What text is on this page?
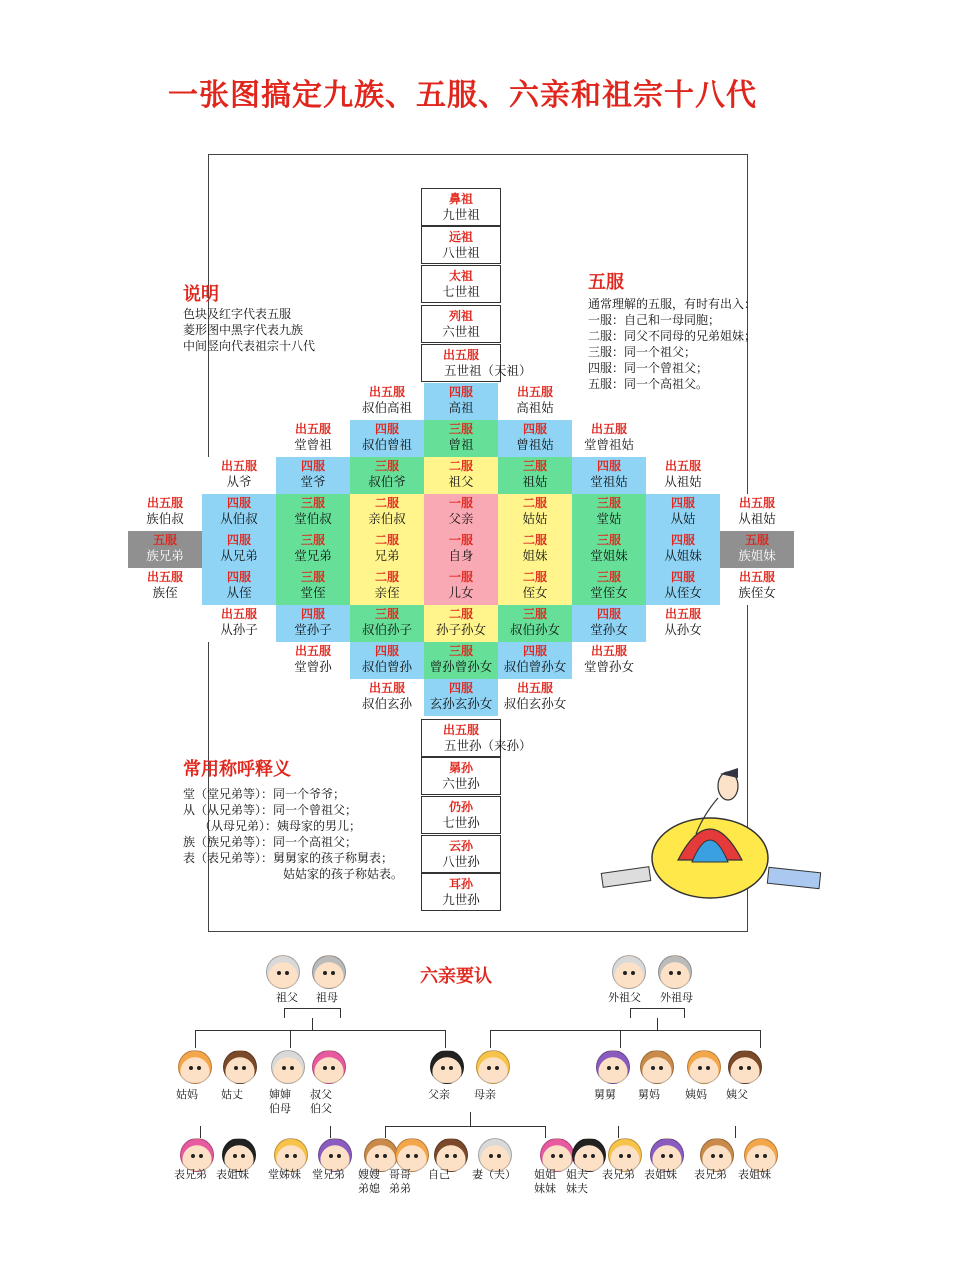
一张图搞定九族、五服、六亲和祖宗十八代
说明
色块及红字代表五服
菱形图中黑字代表九族
中间竖向代表祖宗十八代
五服
通常理解的五服，有时有出入：
一服：自己和一母同胞；
二服：同父不同母的兄弟姐妹；
三服：同一个祖父；
四服：同一个曾祖父；
五服：同一个高祖父。
常用称呼释义
堂（堂兄弟等）：同一个爷爷；
从（从兄弟等）：同一个曾祖父；
（从母兄弟）：姨母家的男儿；
族（族兄弟等）：同一个高祖父；
表（表兄弟等）：舅舅家的孩子称舅表；
姑姑家的孩子称姑表。
鼻祖
九世祖
远祖
八世祖
太祖
七世祖
列祖
六世祖
出五服
五世祖（天祖）
出五服
五世孙（来孙）
晜孙
六世孙
仍孙
七世孙
云孙
八世孙
耳孙
九世孙
出五服
叔伯高祖
四服
高祖
出五服
高祖姑
出五服
堂曾祖
四服
叔伯曾祖
三服
曾祖
四服
曾祖姑
出五服
堂曾祖姑
出五服
从爷
四服
堂爷
三服
叔伯爷
二服
祖父
三服
祖姑
四服
堂祖姑
出五服
从祖姑
出五服
族伯叔
四服
从伯叔
三服
堂伯叔
二服
亲伯叔
一服
父亲
二服
姑姑
三服
堂姑
四服
从姑
出五服
从祖姑
五服
族兄弟
四服
从兄弟
三服
堂兄弟
二服
兄弟
一服
自身
二服
姐妹
三服
堂姐妹
四服
从姐妹
五服
族姐妹
出五服
族侄
四服
从侄
三服
堂侄
二服
亲侄
一服
儿女
二服
侄女
三服
堂侄女
四服
从侄女
出五服
族侄女
出五服
从孙子
四服
堂孙子
三服
叔伯孙子
二服
孙子孙女
三服
叔伯孙女
四服
堂孙女
出五服
从孙女
出五服
堂曾孙
四服
叔伯曾孙
三服
曾孙曾孙女
四服
叔伯曾孙女
出五服
堂曾孙女
出五服
叔伯玄孙
四服
玄孙玄孙女
出五服
叔伯玄孙女
六亲要认
祖父 祖母	外祖父 外祖母
姑妈 姑丈 婶婶
伯母
叔父
伯父
父亲 母亲	舅舅 舅妈 姨妈 姨父
表兄弟 表姐妹 堂姊妹 堂兄弟 嫂嫂
弟媳
哥哥
弟弟
自己 妻（夫） 姐姐
妹妹
姐夫
妹夫
表兄弟 表姐妹 表兄弟 表姐妹
